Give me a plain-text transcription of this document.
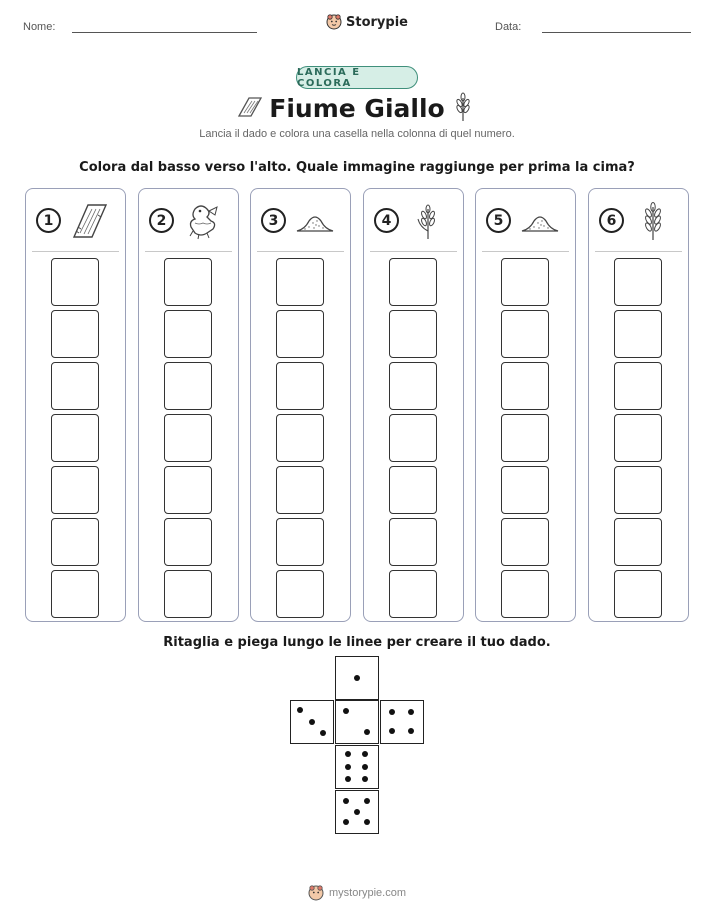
Nome:	Storypie	Data:
LANCIA E COLORA
Fiume Giallo
Lancia il dado e colora una casella nella colonna di quel numero.
Colora dal basso verso l'alto. Quale immagine raggiunge per prima la cima?
1	2	3	4	5	6
Ritaglia e piega lungo le linee per creare il tuo dado.
mystorypie.com
